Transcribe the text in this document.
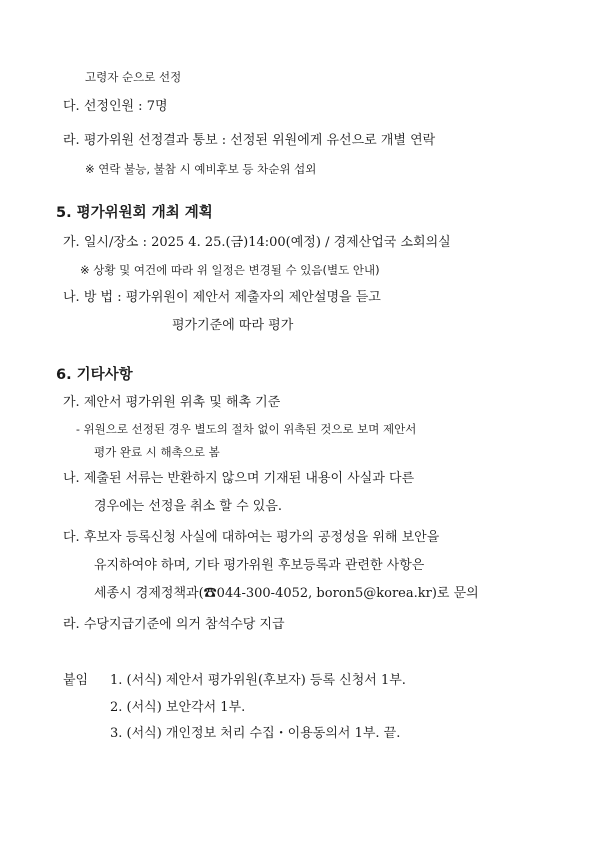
고령자 순으로 선정
다. 선정인원 : 7명
라. 평가위원 선정결과 통보 : 선정된 위원에게 유선으로 개별 연락
※ 연락 불능, 불참 시 예비후보 등 차순위 섭외
5. 평가위원회 개최 계획
가. 일시/장소 : 2025 4. 25.(금)14:00(예정) / 경제산업국 소회의실
※ 상황 및 여건에 따라 위 일정은 변경될 수 있음(별도 안내)
나. 방 법 : 평가위원이 제안서 제출자의 제안설명을 듣고
평가기준에 따라 평가
6. 기타사항
가. 제안서 평가위원 위촉 및 해촉 기준
- 위원으로 선정된 경우 별도의 절차 없이 위촉된 것으로 보며 제안서
평가 완료 시 해촉으로 봄
나. 제출된 서류는 반환하지 않으며 기재된 내용이 사실과 다른
경우에는 선정을 취소 할 수 있음.
다. 후보자 등록신청 사실에 대하여는 평가의 공정성을 위해 보안을
유지하여야 하며, 기타 평가위원 후보등록과 관련한 사항은
세종시 경제정책과(☎044-300-4052, boron5@korea.kr)로 문의
라. 수당지급기준에 의거 참석수당 지급
붙임 1. (서식) 제안서 평가위원(후보자) 등록 신청서 1부.
2. (서식) 보안각서 1부.
3. (서식) 개인정보 처리 수집・이용동의서 1부. 끝.
